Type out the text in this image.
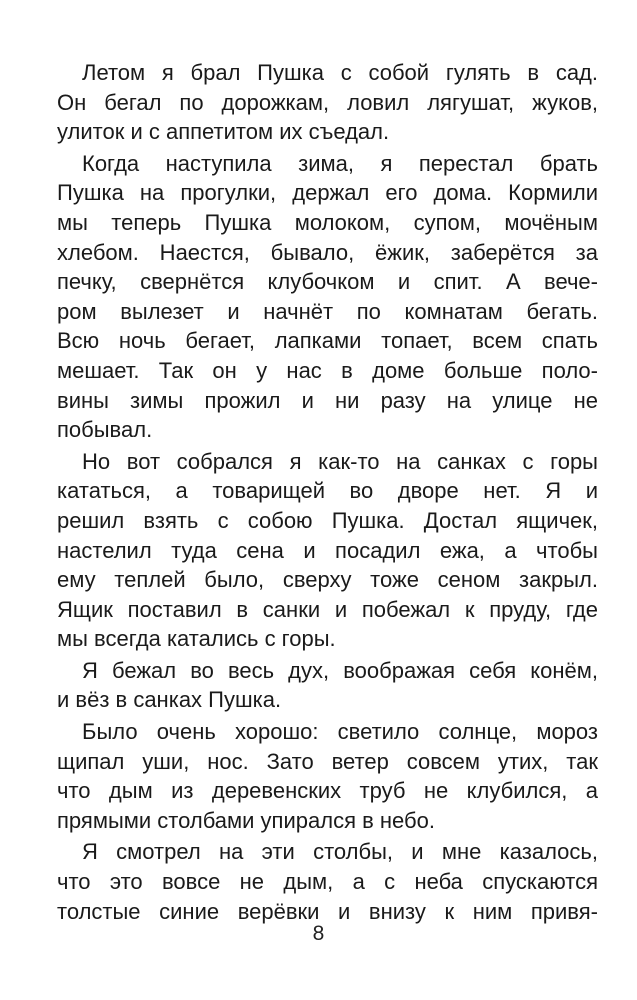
Летом я брал Пушка с собой гулять в сад.
Он бегал по дорожкам, ловил лягушат, жуков,
улиток и с аппетитом их съедал.

Когда наступила зима, я перестал брать
Пушка на прогулки, держал его дома. Кормили
мы теперь Пушка молоком, супом, мочёным
хлебом. Наестся, бывало, ёжик, заберётся за
печку, свернётся клубочком и спит. А вече-
ром вылезет и начнёт по комнатам бегать.
Всю ночь бегает, лапками топает, всем спать
мешает. Так он у нас в доме больше поло-
вины зимы прожил и ни разу на улице не
побывал.

Но вот собрался я как-то на санках с горы
кататься, а товарищей во дворе нет. Я и
решил взять с собою Пушка. Достал ящичек,
настелил туда сена и посадил ежа, а чтобы
ему теплей было, сверху тоже сеном закрыл.
Ящик поставил в санки и побежал к пруду, где
мы всегда катались с горы.

Я бежал во весь дух, воображая себя конём,
и вёз в санках Пушка.

Было очень хорошо: светило солнце, мороз
щипал уши, нос. Зато ветер совсем утих, так
что дым из деревенских труб не клубился, а
прямыми столбами упирался в небо.

Я смотрел на эти столбы, и мне казалось,
что это вовсе не дым, а с неба спускаются
толстые синие верёвки и внизу к ним привя-

8
